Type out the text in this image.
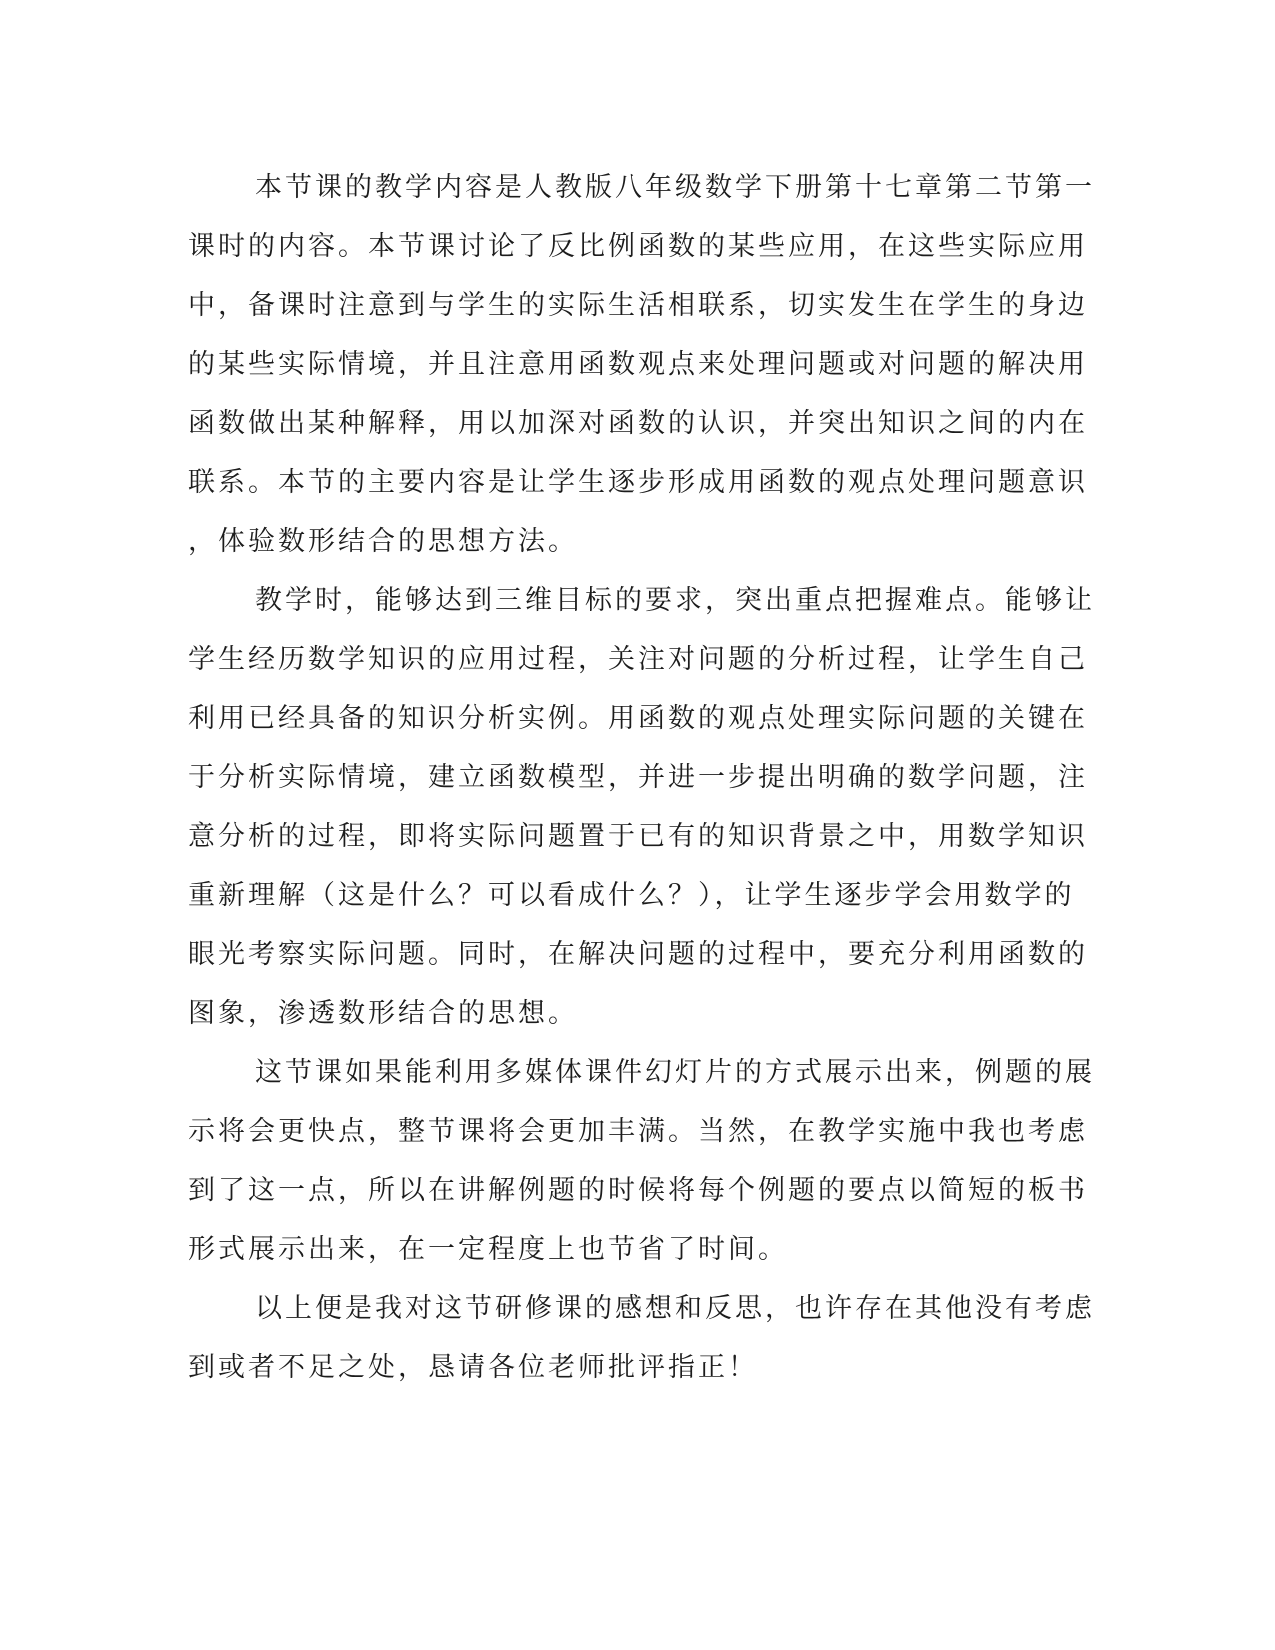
本节课的教学内容是人教版八年级数学下册第十七章第二节第一
课时的内容。本节课讨论了反比例函数的某些应用，在这些实际应用
中，备课时注意到与学生的实际生活相联系，切实发生在学生的身边
的某些实际情境，并且注意用函数观点来处理问题或对问题的解决用
函数做出某种解释，用以加深对函数的认识，并突出知识之间的内在
联系。本节的主要内容是让学生逐步形成用函数的观点处理问题意识
，体验数形结合的思想方法。
教学时，能够达到三维目标的要求，突出重点把握难点。能够让
学生经历数学知识的应用过程，关注对问题的分析过程，让学生自己
利用已经具备的知识分析实例。用函数的观点处理实际问题的关键在
于分析实际情境，建立函数模型，并进一步提出明确的数学问题，注
意分析的过程，即将实际问题置于已有的知识背景之中，用数学知识
重新理解（这是什么？可以看成什么？），让学生逐步学会用数学的
眼光考察实际问题。同时，在解决问题的过程中，要充分利用函数的
图象，渗透数形结合的思想。
这节课如果能利用多媒体课件幻灯片的方式展示出来，例题的展
示将会更快点，整节课将会更加丰满。当然，在教学实施中我也考虑
到了这一点，所以在讲解例题的时候将每个例题的要点以简短的板书
形式展示出来，在一定程度上也节省了时间。
以上便是我对这节研修课的感想和反思，也许存在其他没有考虑
到或者不足之处，恳请各位老师批评指正！
